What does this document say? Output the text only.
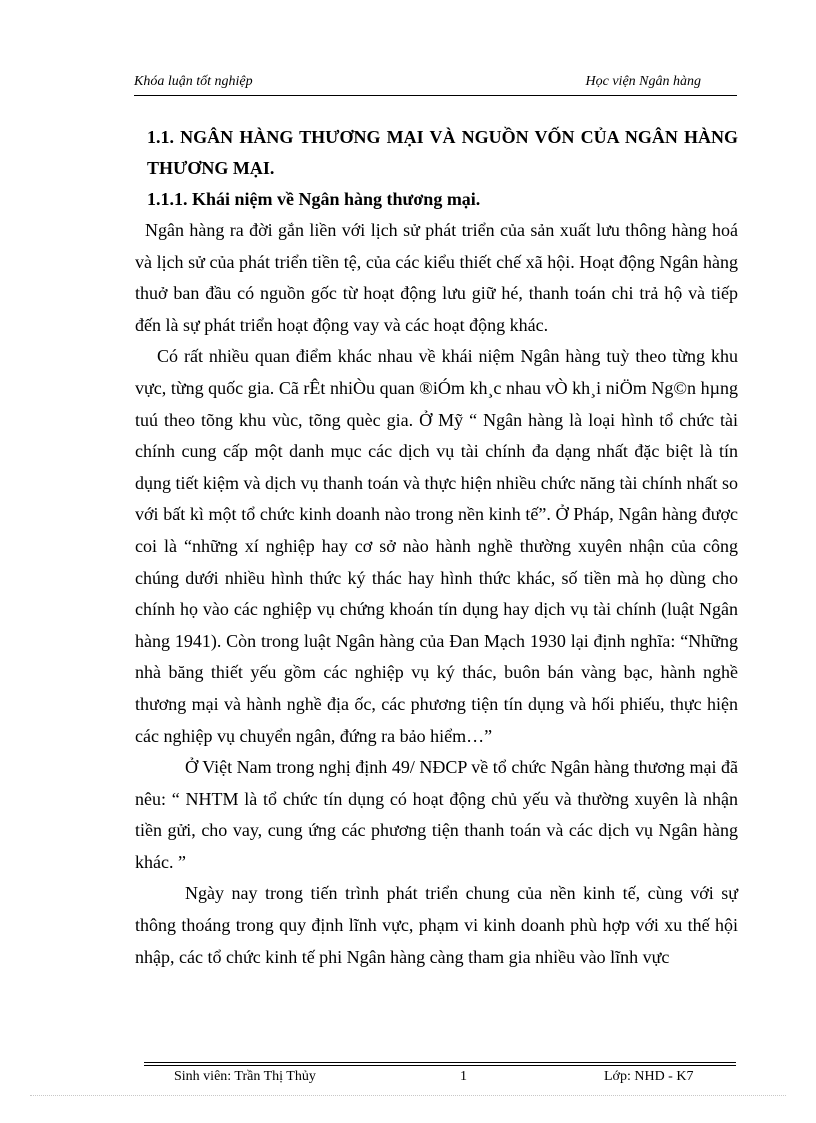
Khóa luận tốt nghiệp	Học viện Ngân hàng

1.1. NGÂN HÀNG THƯƠNG MẠI VÀ NGUỒN VỐN CỦA NGÂN HÀNG THƯƠNG MẠI.

1.1.1. Khái niệm về Ngân hàng thương mại.

Ngân hàng ra đời gắn liền với lịch sử phát triển của sản xuất lưu thông hàng hoá và lịch sử của phát triển tiền tệ, của các kiểu thiết chế xã hội. Hoạt động Ngân hàng thuở ban đầu có nguồn gốc từ hoạt động lưu giữ hé, thanh toán chi trả hộ và tiếp đến là sự phát triển hoạt động vay và các hoạt động khác.

Có rất nhiều quan điểm khác nhau về khái niệm Ngân hàng tuỳ theo từng khu vực, từng quốc gia. Cã rÊt nhiÒu quan ®iÓm kh¸c nhau vÒ kh¸i niÖm Ng©n hµng tuú theo tõng khu vùc, tõng quèc gia. Ở Mỹ “ Ngân hàng là loại hình tổ chức tài chính cung cấp một danh mục các dịch vụ tài chính đa dạng nhất đặc biệt là tín dụng tiết kiệm và dịch vụ thanh toán và thực hiện nhiều chức năng tài chính nhất so với bất kì một tổ chức kinh doanh nào trong nền kinh tế”. Ở Pháp, Ngân hàng được coi là “những xí nghiệp hay cơ sở nào hành nghề thường xuyên nhận của công chúng dưới nhiều hình thức ký thác hay hình thức khác, số tiền mà họ dùng cho chính họ vào các nghiệp vụ chứng khoán tín dụng hay dịch vụ tài chính (luật Ngân hàng 1941). Còn trong luật Ngân hàng của Đan Mạch 1930 lại định nghĩa: “Những nhà băng thiết yếu gồm các nghiệp vụ ký thác, buôn bán vàng bạc, hành nghề thương mại và hành nghề địa ốc, các phương tiện tín dụng và hối phiếu, thực hiện các nghiệp vụ chuyển ngân, đứng ra bảo hiểm…”

Ở Việt Nam trong nghị định 49/ NĐCP về tổ chức Ngân hàng thương mại đã nêu: “ NHTM là tổ chức tín dụng có hoạt động chủ yếu và thường xuyên là nhận tiền gửi, cho vay, cung ứng các phương tiện thanh toán và các dịch vụ Ngân hàng khác. ”

Ngày nay trong tiến trình phát triển chung của nền kinh tế, cùng với sự thông thoáng trong quy định lĩnh vực, phạm vi kinh doanh phù hợp với xu thế hội nhập, các tổ chức kinh tế phi Ngân hàng càng tham gia nhiều vào lĩnh vực

Sinh viên: Trần Thị Thủy	1	Lớp: NHD - K7
